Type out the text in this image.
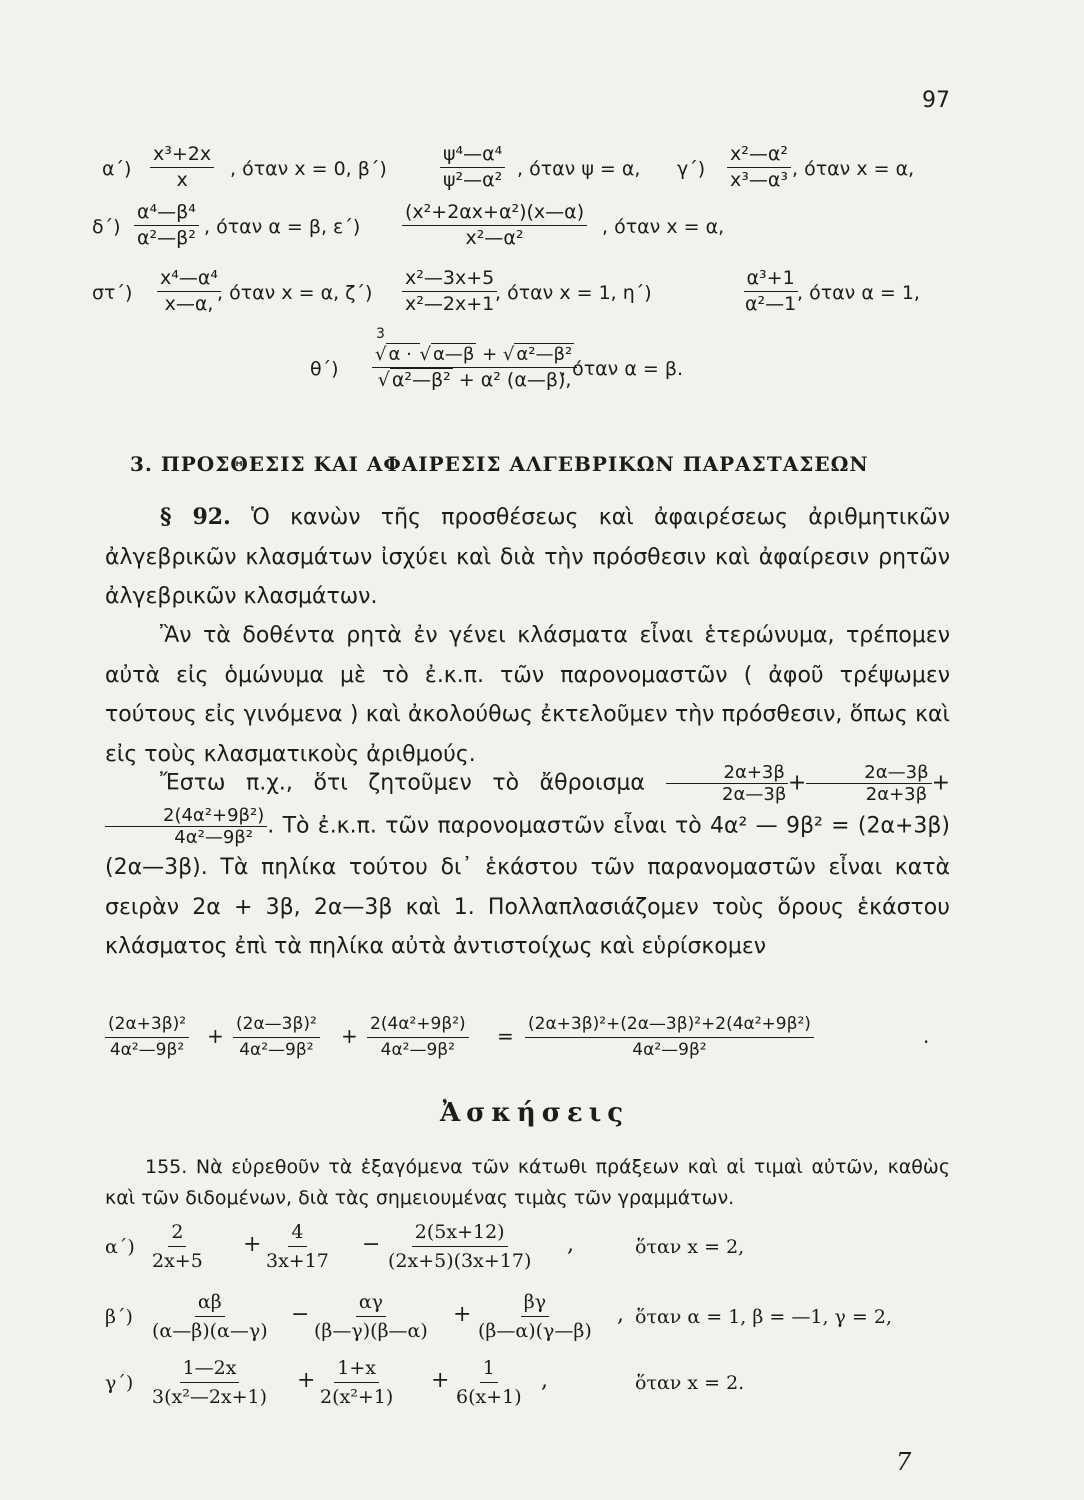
97
$\alpha΄) \frac{\text{x³+2x}}{x}$ , όταν x = 0, β΄)	$\frac{\text{ψ⁴—α⁴}}{\text{ψ²—α²}}$ , όταν ψ = α, $\gamma΄) \frac{\text{x²—α²}}{\text{x³—α³}}$ , όταν x = α,
$\delta΄) \frac{\text{α⁴—β⁴}}{\text{α²—β²}}$ , όταν α = β, $\varepsilon΄) \frac{\text{(x²+2αx+α²)(x—α)}}{\text{x²—α²}}$ , όταν x = α,
$\sigma\tau΄) \frac{\text{x⁴—α⁴}}{x—\alpha,}$
, όταν x = α, $\zeta΄) \frac{\text{x²—3x+5}}{\text{x²—2x+1}}$
, όταν x = 1, η΄)	$\frac{\text{α³+1}}{\text{α²—1}}$
, όταν α = 1,
3
$\theta΄) \frac{\text{√ α · √ α—β + √ α²—β²}}{\text{√ α²—β² + α² (α—β),}}$
, όταν α = β.
3. ΠΡΟΣΘΕΣΙΣ ΚΑΙ ΑΦΑΙΡΕΣΙΣ ΑΛΓΕΒΡΙΚΩΝ ΠΑΡΑΣΤΑΣΕΩΝ
§ 92. Ὁ κανὼν τῆς προσθέσεως καὶ ἀφαιρέσεως ἀριθμητικῶν ἀλγεβρικῶν κλασμάτων ἰσχύει καὶ διὰ τὴν πρόσθεσιν καὶ ἀφαίρεσιν ρητῶν ἀλγεβρικῶν κλασμάτων.
Ἂν τὰ δοθέντα ρητὰ ἐν γένει κλάσματα εἶναι ἑτερώνυμα, τρέπομεν αὐτὰ εἰς ὁμώνυμα μὲ τὸ ἐ.κ.π. τῶν παρονομαστῶν ( ἀφοῦ τρέψωμεν τούτους εἰς γινόμενα ) καὶ ἀκολούθως ἐκτελοῦμεν τὴν πρόσθεσιν, ὅπως καὶ εἰς τοὺς κλασματικοὺς ἀριθμούς.
Ἔστω π.χ., ὅτι ζητοῦμεν τὸ ἄθροισμα $\frac{2\alpha+3\beta}{2\alpha—3\beta} + \frac{2\alpha—3\beta}{2\alpha+3\beta}$ +
$\frac{\text{2(4α²+9β²)}}{\text{4α²—9β²}}$ . Τὸ ἐ.κ.π. τῶν παρονομαστῶν εἶναι τὸ 4α² — 9β² = (2α+3β)(2α—3β). Τὰ πηλίκα τούτου δι᾽ ἑκάστου τῶν παρανομαστῶν εἶναι κατὰ σειρὰν 2α + 3β, 2α—3β καὶ 1. Πολλαπλασιάζομεν τοὺς ὅρους ἑκάστου κλάσματος ἐπὶ τὰ πηλίκα αὐτὰ ἀντιστοίχως καὶ εὑρίσκομεν
$\frac{\text{(2α+3β)²}}{\text{4α²—9β²}} + \frac{\text{(2α—3β)²}}{\text{4α²—9β²}} + \frac{\text{2(4α²+9β²)}}{\text{4α²—9β²}} = \frac{\text{(2α+3β)²+(2α—3β)²+2(4α²+9β²)}}{\text{4α²—9β²}}$	.
Ἀσκήσεις
155. Νὰ εὑρεθοῦν τὰ ἐξαγόμενα τῶν κάτωθι πράξεων καὶ αἱ τιμαὶ αὐτῶν, καθὼς καὶ τῶν διδομένων, διὰ τὰς σημειουμένας τιμὰς τῶν γραμμάτων.
$\alpha΄) \frac{2}{2x+5} + \frac{4}{3x+17} - \frac{2(5x+12)}{(2x+5)(3x+17)}$ ,	ὅταν x = 2,
$\beta΄) \frac{\alpha\beta}{(\alpha—\beta)(\alpha—\gamma)} - \frac{\alpha\gamma}{(\beta—\gamma)(\beta—\alpha)} + \frac{\beta\gamma}{(\beta—\alpha)(\gamma—\beta)}$ , ὅταν α = 1, β = —1, γ = 2,
$\gamma΄) \frac{1—2x}{\text{3(x²—2x+1)}} + \frac{1+x}{\text{2(x²+1)}} + \frac{1}{6(x+1)}$ ,	ὅταν x = 2.
7
